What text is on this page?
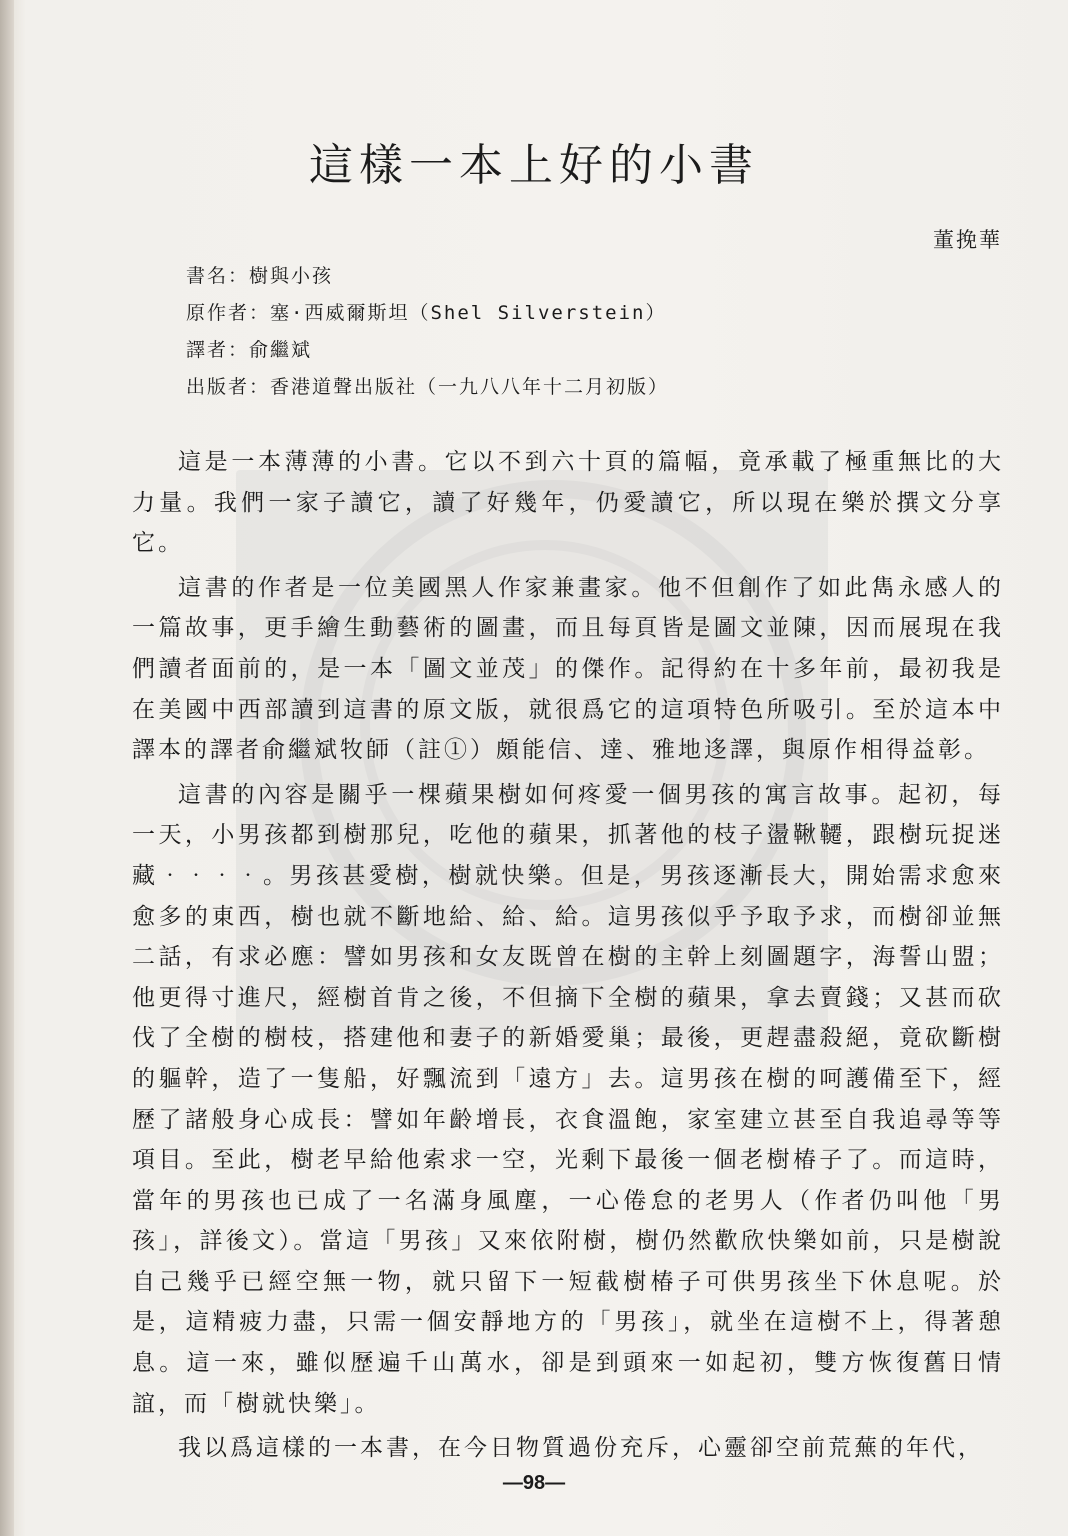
這樣一本上好的小書
董挽華
書名：樹與小孩
原作者：塞·西威爾斯坦（Shel Silverstein）
譯者：俞繼斌
出版者：香港道聲出版社（一九八八年十二月初版）

這是一本薄薄的小書。它以不到六十頁的篇幅，竟承載了極重無比的大力量。我們一家子讀它，讀了好幾年，仍愛讀它，所以現在樂於撰文分享它。

這書的作者是一位美國黑人作家兼畫家。他不但創作了如此雋永感人的一篇故事，更手繪生動藝術的圖畫，而且每頁皆是圖文並陳，因而展現在我們讀者面前的，是一本「圖文並茂」的傑作。記得約在十多年前，最初我是在美國中西部讀到這書的原文版，就很爲它的這項特色所吸引。至於這本中譯本的譯者俞繼斌牧師（註①）頗能信、達、雅地迻譯，與原作相得益彰。

這書的內容是關乎一棵蘋果樹如何疼愛一個男孩的寓言故事。起初，每一天，小男孩都到樹那兒，吃他的蘋果，抓著他的枝子盪鞦韆，跟樹玩捉迷藏‧‧‧‧。男孩甚愛樹，樹就快樂。但是，男孩逐漸長大，開始需求愈來愈多的東西，樹也就不斷地給、給、給。這男孩似乎予取予求，而樹卻並無二話，有求必應：譬如男孩和女友既曾在樹的主幹上刻圖題字，海誓山盟；他更得寸進尺，經樹首肯之後，不但摘下全樹的蘋果，拿去賣錢；又甚而砍伐了全樹的樹枝，搭建他和妻子的新婚愛巢；最後，更趕盡殺絕，竟砍斷樹的軀幹，造了一隻船，好飄流到「遠方」去。這男孩在樹的呵護備至下，經歷了諸般身心成長：譬如年齡增長，衣食溫飽，家室建立甚至自我追尋等等項目。至此，樹老早給他索求一空，光剩下最後一個老樹椿子了。而這時，當年的男孩也已成了一名滿身風塵，一心倦怠的老男人（作者仍叫他「男孩」，詳後文）。當這「男孩」又來依附樹，樹仍然歡欣快樂如前，只是樹說自己幾乎已經空無一物，就只留下一短截樹椿子可供男孩坐下休息呢。於是，這精疲力盡，只需一個安靜地方的「男孩」，就坐在這樹不上，得著憩息。這一來，雖似歷遍千山萬水，卻是到頭來一如起初，雙方恢復舊日情誼，而「樹就快樂」。

我以爲這樣的一本書，在今日物質過份充斥，心靈卻空前荒蕪的年代，

—98—
